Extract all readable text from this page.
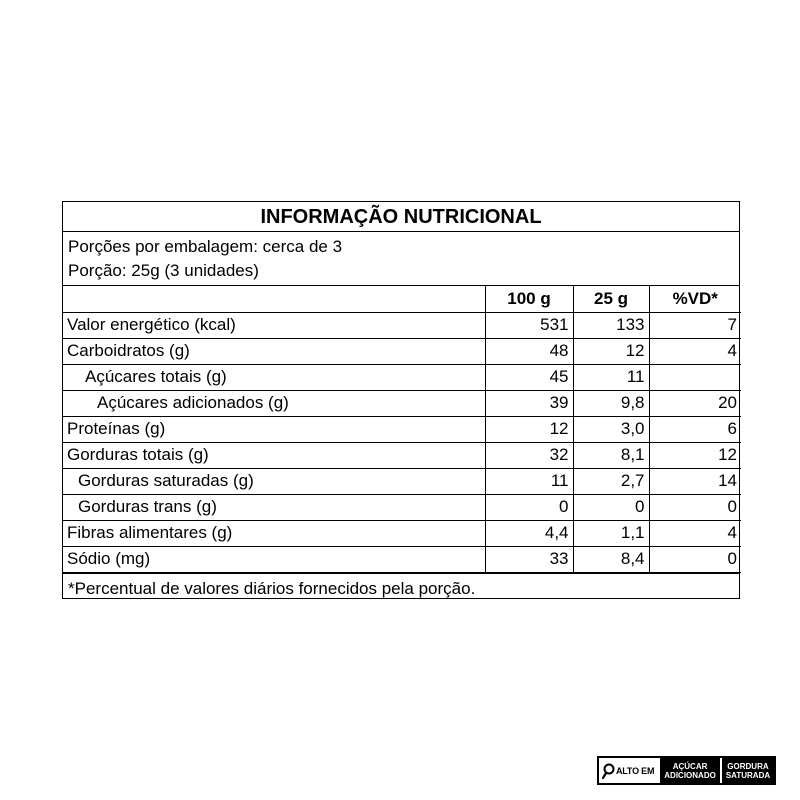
INFORMAÇÃO NUTRICIONAL
Porções por embalagem: cerca de 3
Porção: 25g (3 unidades)
	100 g	25 g	%VD*
Valor energético (kcal)	531	133	7
Carboidratos (g)	48	12	4
Açúcares totais (g)	45	11	
Açúcares adicionados (g)	39	9,8	20
Proteínas (g)	12	3,0	6
Gorduras totais (g)	32	8,1	12
Gorduras saturadas (g)	11	2,7	14
Gorduras trans (g)	0	0	0
Fibras alimentares (g)	4,4	1,1	4
Sódio (mg)	33	8,4	0
*Percentual de valores diários fornecidos pela porção.
ALTO EM	AÇÚCAR
ADICIONADO
GORDURA
SATURADA
